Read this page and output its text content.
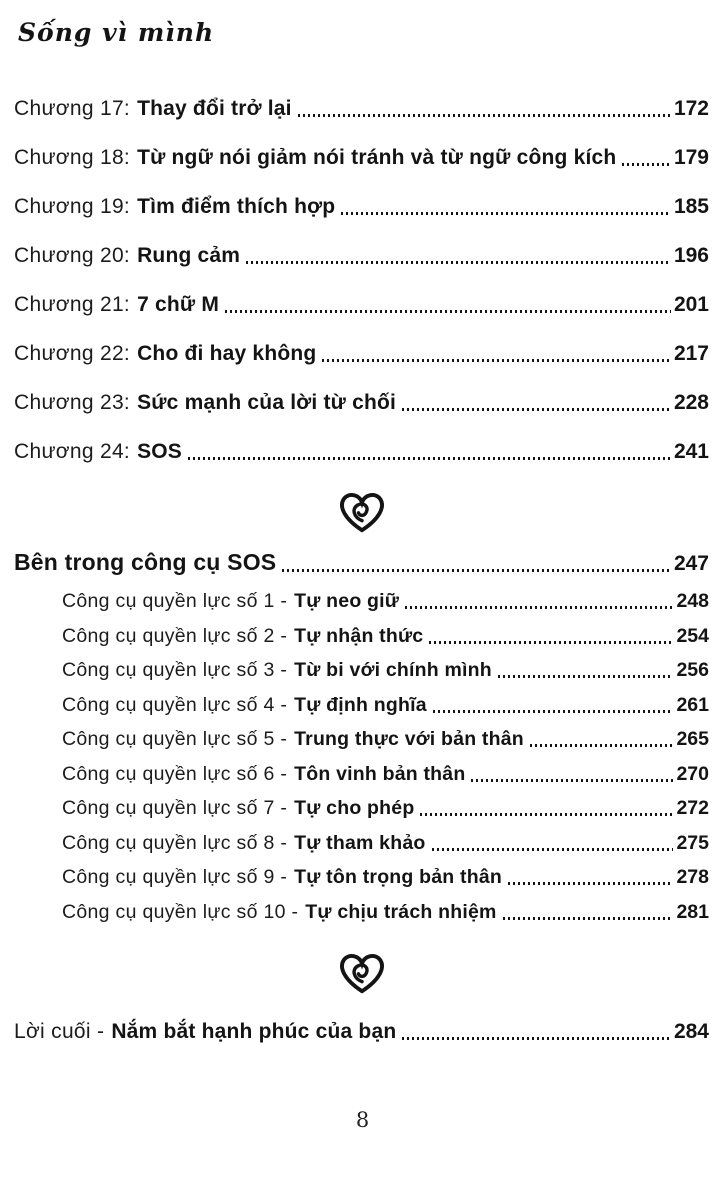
Sống vì mình
Chương 17: Thay đổi trở lại	172
Chương 18: Từ ngữ nói giảm nói tránh và từ ngữ công kích	179
Chương 19: Tìm điểm thích hợp	185
Chương 20: Rung cảm	196
Chương 21: 7 chữ M	201
Chương 22: Cho đi hay không	217
Chương 23: Sức mạnh của lời từ chối	228
Chương 24: SOS	241
Bên trong công cụ SOS	247
Công cụ quyền lực số 1 - Tự neo giữ	248
Công cụ quyền lực số 2 - Tự nhận thức	254
Công cụ quyền lực số 3 - Từ bi với chính mình	256
Công cụ quyền lực số 4 - Tự định nghĩa	261
Công cụ quyền lực số 5 - Trung thực với bản thân	265
Công cụ quyền lực số 6 - Tôn vinh bản thân	270
Công cụ quyền lực số 7 - Tự cho phép	272
Công cụ quyền lực số 8 - Tự tham khảo	275
Công cụ quyền lực số 9 - Tự tôn trọng bản thân	278
Công cụ quyền lực số 10 - Tự chịu trách nhiệm	281
Lời cuối - Nắm bắt hạnh phúc của bạn	284
8
